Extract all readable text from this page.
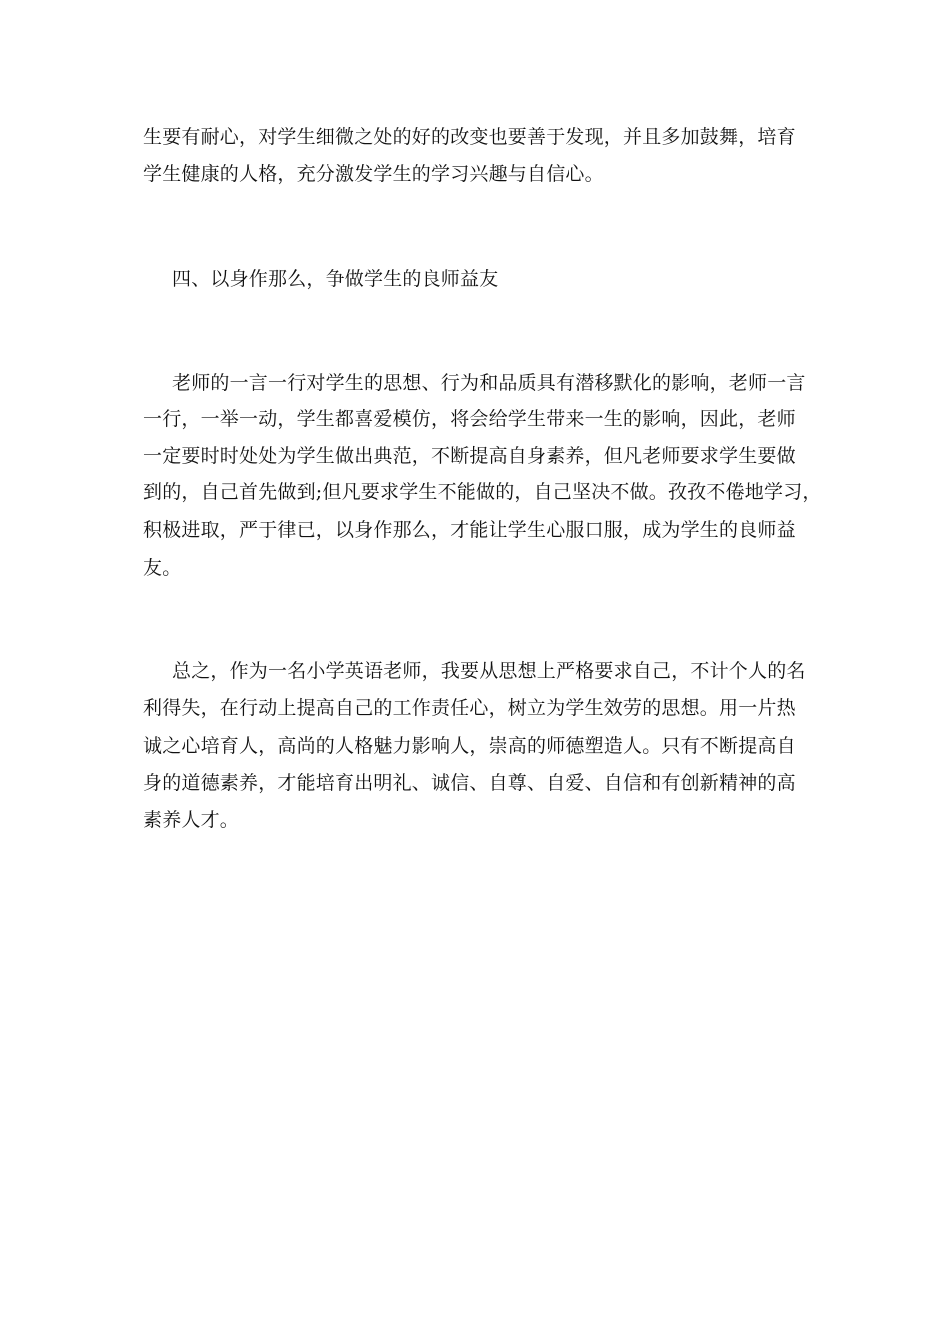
生要有耐心，对学生细微之处的好的改变也要善于发现，并且多加鼓舞，培育
学生健康的人格，充分激发学生的学习兴趣与自信心。
四、以身作那么，争做学生的良师益友
老师的一言一行对学生的思想、行为和品质具有潜移默化的影响，老师一言
一行，一举一动，学生都喜爱模仿，将会给学生带来一生的影响，因此，老师
一定要时时处处为学生做出典范，不断提高自身素养，但凡老师要求学生要做
到的，自己首先做到;但凡要求学生不能做的，自己坚决不做。孜孜不倦地学习，
积极进取，严于律已，以身作那么，才能让学生心服口服，成为学生的良师益
友。
总之，作为一名小学英语老师，我要从思想上严格要求自己，不计个人的名
利得失，在行动上提高自己的工作责任心，树立为学生效劳的思想。用一片热
诚之心培育人，高尚的人格魅力影响人，崇高的师德塑造人。只有不断提高自
身的道德素养，才能培育出明礼、诚信、自尊、自爱、自信和有创新精神的高
素养人才。
